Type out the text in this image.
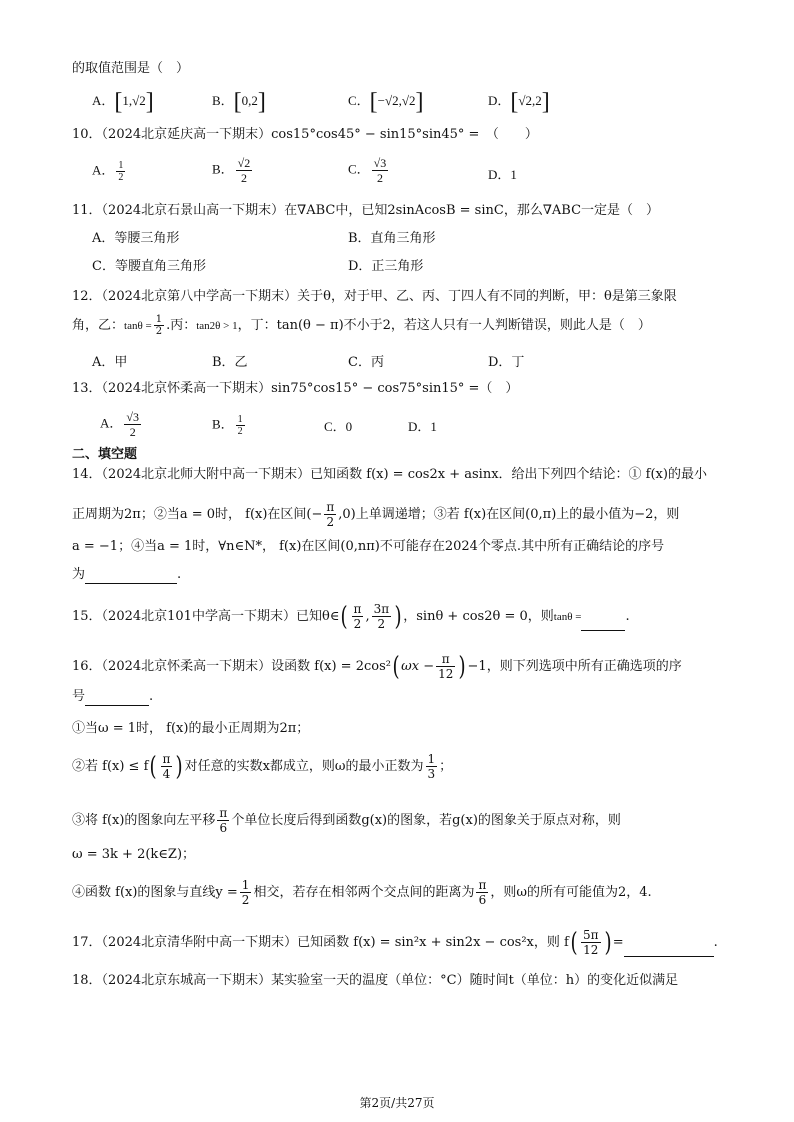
的取值范围是（　）
A．[1,√2]	B．[0,2]	C．[−√2,√2]	D．[√2,2]
10．（2024北京延庆高一下期末）cos15°cos45° − sin15°sin45° =　（　　）
A． $\frac{1}{2}$	B． $\frac{√2}{2}$	C． $\frac{√3}{2}$	D．1
11．（2024北京石景山高一下期末）在∇ABC中，已知2sinAcosB = sinC，那么∇ABC一定是（　）
A．等腰三角形	B．直角三角形
C．等腰直角三角形	D．正三角形
12．（2024北京第八中学高一下期末）关于θ，对于甲、乙、丙、丁四人有不同的判断，甲：θ是第三象限
角，乙：$\tan\theta = \frac{1}{2}$ .丙：tan2θ > 1，丁：tan(θ − π)不小于2，若这人只有一人判断错误，则此人是（　）
A．甲	B．乙	C．丙	D．丁
13．（2024北京怀柔高一下期末）sin75°cos15° − cos75°sin15° =（　）
A． $\frac{√3}{2}$	B． $\frac{1}{2}$	C．0	D．1
二、填空题
14．（2024北京北师大附中高一下期末）已知函数 f(x) = cos2x + asinx．给出下列四个结论：① f(x)的最小
正周期为2π；②当a = 0时， f(x)在区间(− $\frac{\pi}{2} ,0$)上单调递增；③若 f(x)在区间(0,π)上的最小值为−2，则
a = −1；④当a = 1时，∀n∈N*， f(x)在区间(0,nπ)不可能存在2024个零点.其中所有正确结论的序号
为	.
15．（2024北京101中学高一下期末）已知θ∈( $\frac{\pi}{2}$ , $\frac{3\pi}{2}$ ) ，sinθ + cos2θ = 0，则tanθ =	.
16．（2024北京怀柔高一下期末）设函数 f(x) = 2cos²( $\omega x - \frac{\pi}{12}$ ) −1，则下列选项中所有正确选项的序
号	.
①当ω = 1时， f(x)的最小正周期为2π；
②若 $f(x) \le f( \frac{\pi}{4}$ ) 对任意的实数x都成立，则ω的最小正数为 $\frac{1}{3}$ ；
③将 f(x)的图象向左平移 $\frac{\pi}{6}$ 个单位长度后得到函数g(x)的图象，若g(x)的图象关于原点对称，则
ω = 3k + 2(k∈Z)；
④函数 f(x)的图象与直线$y = \frac{1}{2}$ 相交，若存在相邻两个交点间的距离为 $\frac{\pi}{6}$ ，则ω的所有可能值为2，4.
17．（2024北京清华附中高一下期末）已知函数 f(x) = sin²x + sin2x − cos²x，则 $f( \frac{5\pi}{12}$ ) =	.
18．（2024北京东城高一下期末）某实验室一天的温度（单位：°C）随时间t（单位：h）的变化近似满足
第2页/共27页
